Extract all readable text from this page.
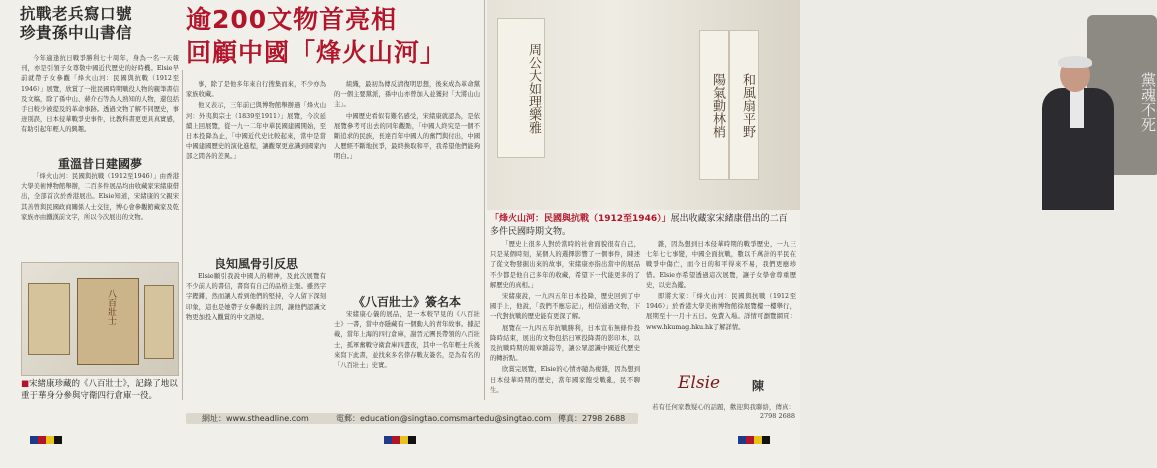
抗戰老兵寫口號
珍貴孫中山書信	逾200文物首亮相
回顧中國「烽火山河」	周公大如理樂雅	黨魂不死
陽氣動林梢	和風扇平野
「烽火山河：民國與抗戰（1912至1946）」展出收藏家宋緒康借出的二百多件民國時期文物。

今年適逢抗日戰爭勝利七十周年，身為一名一天報刊，亦是引領子女尊敬中國近代歷史的好時機。Elsie早前就帶子女參觀「烽火山河：民國與抗戰（1912至1946）」展覽，欣賞了一批民國時期戰役人物的親筆書信及文稿，除了孫中山、蔣介石等為人熟知的人物，還包括手日較少被提及的革命事跡。透過文物了解不同歷史，事迹別誤，日本侵華戰爭史事件，比教科書更更具真實感，有助引起年輕人的興趣。

重溫昔日建國夢

「烽火山河：民國與抗戰（1912至1946）」由香港大學美術博物館舉辦，二百多件展品均由收藏家宋緒康借出，全部首次於香港展出。Elsie知道，宋緒康的父親宋其善曾與民國政商關係人士交往，博心會參觀館藏家及乾家族亦由鐵漢前文字，所以今次展出的文物。

八百壯士
■宋緒康珍藏的《八百壯士》，記錄了地以重于華身分參與守衛四行倉庫一役。

事，除了是他多年來自行搜集而來，不少亦為家族收藏。

他又表示，三年前已與博物館舉辦過「烽火山河：外夷與宗士（1839至1911）」展覽，今次延續上回展覽，從一九一二年中華民國建國開始，至日本投降為止，「中國近代史比較起來，當中是當中國建國歷史的演化進程，讓觀眾更意識到國家內部之間各的差異。」

良知風骨引反思

Elsie願引我說中國人的精神，及此次展覽有不少前人的書信，書寫有自己的品格主張。雖然字字鏗鏘，然而讓人看到他們的堅持，令人留下深刻印象，這也是她帶子女參觀的主因，讓他們認識文物更加投入觀賞的中文語境。

組織，最初為傳反清復明思想，後來成為革命黨的一個主要黨派，孫中山亦曾加入並獲封「大將山山主」。

中國歷史看似有難名感受，宋緒康就認為，是依展覽參考可出去的同年觀點，「中國人終究是一個不斷追求的民族，長達百年中國人的奮鬥與付出，中國人歷經不斷地抗爭，最終換取和平，我希望他們能夠明白。」

《八百壯士》簽名本

宋緒康心儀的展品，是一本較罕見的《八百壯士》一書，當中亦隱藏有一個動人的青年故事。據記載，當年上海的四行倉庫，謝晉元團長帶領的八百壯士，孤軍奮戰守衛倉庫四晝夜，其中一名年輕士兵後來寫下此書，並找來多名倖存戰友簽名，是為有名的「八百壯士」史實。

「歷史上很多人對於當時的社會面貌很有自己，只是某個時刻，某個人的選擇影響了一個事件，陳述了從文物發掘出來的故事，宋緒康亦指出當中的展品不少都是他自己多年的收藏，希望下一代能更多的了解歷史的真相。」

宋緒康說，一九四五年日本投降，歷史回到了中國手上，他說，「我們不應忘記」，相信通過文物，下一代對抗戰的歷史能有更深了解。

展覽在一九四五年抗戰勝利，日本宣布無條件投降時結束，展出的文物包括日軍投降書的影印本，以及抗戰時期的報章雜誌等，讓公眾認識中國近代歷史的轉折點。

欣賞完展覽，Elsie的心情亦隨為複雜，因為想到日本侵華時期的歷史，當年國家飽受戰亂，民不聊生。

雜，因為想到日本侵華時期的戰爭歷史，一九三七年七七事變，中國全面抗戰，數以千萬計的平民在戰爭中傷亡，而今日的和平得來不易，我們更應珍惜。Elsie亦希望透過這次展覽，讓子女學會尊重歷史，以史為鑑。

即將大家：「烽火山河：民國與抗戰（1912至1946）」於香港大學美術博物館徐展覽樓一樓舉行，展期至十一月十五日。免費入場。詳情可瀏覽網頁：www.hkumag.hku.hk了解詳情。

Elsie	陳
若有任何家教疑心的話題，歡迎與我聯絡，傳真：2798 2688
網址：www.stheadline.com	電郵：education@singtao.com smartedu@singtao.com 傳真：2798 2688
